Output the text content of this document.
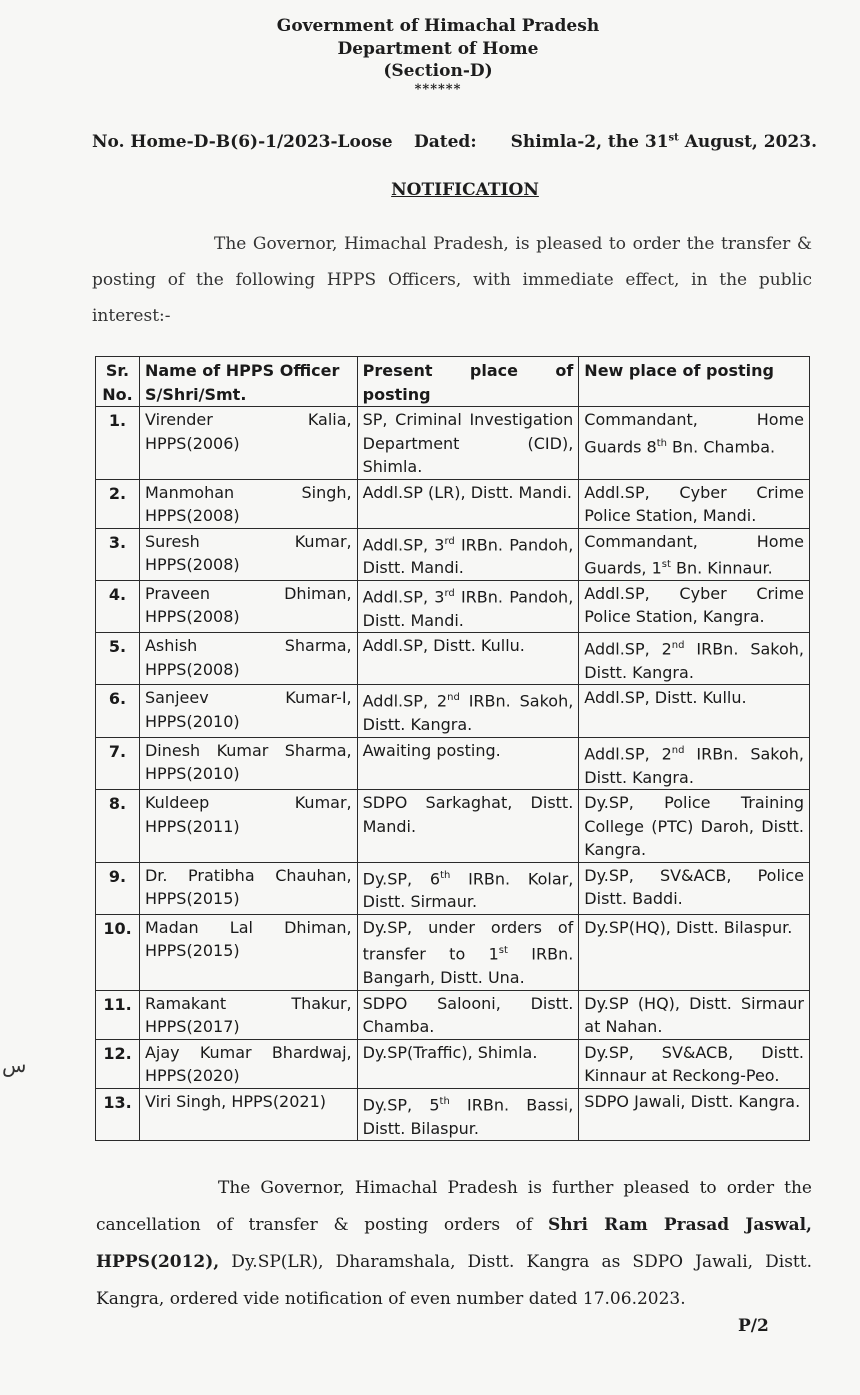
Government of Himachal Pradesh
Department of Home
(Section-D)
******
No. Home-D-B(6)-1/2023-Loose Dated: Shimla-2, the 31st August, 2023.
NOTIFICATION
The Governor, Himachal Pradesh, is pleased to order the transfer & posting of the following HPPS Officers, with immediate effect, in the public interest:-
Sr. No.	Name of HPPS Officer S/Shri/Smt.	Present place of posting	New place of posting
1.	Virender Kalia, HPPS(2006)	SP, Criminal Investigation Department (CID), Shimla.	Commandant, Home Guards 8th Bn. Chamba.
2.	Manmohan Singh, HPPS(2008)	Addl.SP (LR), Distt. Mandi.	Addl.SP, Cyber Crime Police Station, Mandi.
3.	Suresh Kumar, HPPS(2008)	Addl.SP, 3rd IRBn. Pandoh, Distt. Mandi.	Commandant, Home Guards, 1st Bn. Kinnaur.
4.	Praveen Dhiman, HPPS(2008)	Addl.SP, 3rd IRBn. Pandoh, Distt. Mandi.	Addl.SP, Cyber Crime Police Station, Kangra.
5.	Ashish Sharma, HPPS(2008)	Addl.SP, Distt. Kullu.	Addl.SP, 2nd IRBn. Sakoh, Distt. Kangra.
6.	Sanjeev Kumar-I, HPPS(2010)	Addl.SP, 2nd IRBn. Sakoh, Distt. Kangra.	Addl.SP, Distt. Kullu.
7.	Dinesh Kumar Sharma, HPPS(2010)	Awaiting posting.	Addl.SP, 2nd IRBn. Sakoh, Distt. Kangra.
8.	Kuldeep Kumar, HPPS(2011)	SDPO Sarkaghat, Distt. Mandi.	Dy.SP, Police Training College (PTC) Daroh, Distt. Kangra.
9.	Dr. Pratibha Chauhan, HPPS(2015)	Dy.SP, 6th IRBn. Kolar, Distt. Sirmaur.	Dy.SP, SV&ACB, Police Distt. Baddi.
10.	Madan Lal Dhiman, HPPS(2015)	Dy.SP, under orders of transfer to 1st IRBn. Bangarh, Distt. Una.	Dy.SP(HQ), Distt. Bilaspur.
11.	Ramakant Thakur, HPPS(2017)	SDPO Salooni, Distt. Chamba.	Dy.SP (HQ), Distt. Sirmaur at Nahan.
12.	Ajay Kumar Bhardwaj, HPPS(2020)	Dy.SP(Traffic), Shimla.	Dy.SP, SV&ACB, Distt. Kinnaur at Reckong-Peo.
13.	Viri Singh, HPPS(2021)	Dy.SP, 5th IRBn. Bassi, Distt. Bilaspur.	SDPO Jawali, Distt. Kangra.
The Governor, Himachal Pradesh is further pleased to order the cancellation of transfer & posting orders of Shri Ram Prasad Jaswal, HPPS(2012), Dy.SP(LR), Dharamshala, Distt. Kangra as SDPO Jawali, Distt. Kangra, ordered vide notification of even number dated 17.06.2023.
P/2
س
